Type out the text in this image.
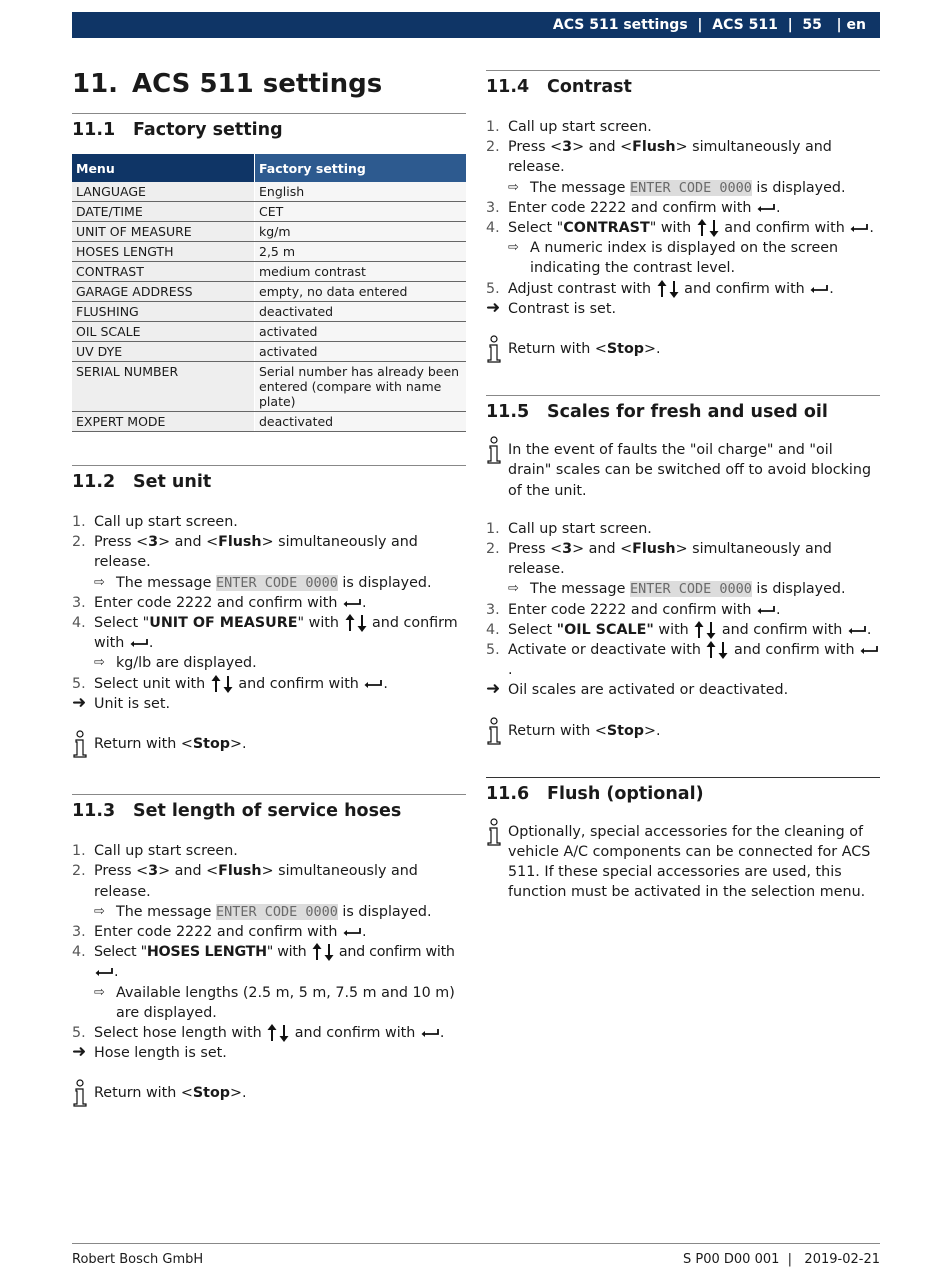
ACS 511 settings  |  ACS 511  |  55   | en
11. ACS 511 settings
11.1	Factory setting
Menu	Factory setting
LANGUAGE	English
DATE/TIME	CET
UNIT OF MEASURE	kg/m
HOSES LENGTH	2,5 m
CONTRAST	medium contrast
GARAGE ADDRESS	empty, no data entered
FLUSHING	deactivated
OIL SCALE	activated
UV DYE	activated
SERIAL NUMBER	Serial number has already been entered (compare with name plate)
EXPERT MODE	deactivated
11.2	Set unit
1. Call up start screen.
2. Press <3> and <Flush> simultaneously and release.
⇨ The message ENTER CODE 0000 is displayed.
3. Enter code 2222 and confirm with .
4. Select "UNIT OF MEASURE" with  and confirm with .
⇨ kg/lb are displayed.
5. Select unit with  and confirm with .
➜ Unit is set.
Return with <Stop>.
11.3	Set length of service hoses
1. Call up start screen.
2. Press <3> and <Flush> simultaneously and release.
⇨ The message ENTER CODE 0000 is displayed.
3. Enter code 2222 and confirm with .
4. Select "HOSES LENGTH" with  and confirm with .
⇨ Available lengths (2.5 m, 5 m, 7.5 m and 10 m) are displayed.
5. Select hose length with  and confirm with .
➜ Hose length is set.
Return with <Stop>.
11.4	Contrast
1. Call up start screen.
2. Press <3> and <Flush> simultaneously and release.
⇨ The message ENTER CODE 0000 is displayed.
3. Enter code 2222 and confirm with .
4. Select "CONTRAST" with  and confirm with .
⇨ A numeric index is displayed on the screen indicating the contrast level.
5. Adjust contrast with  and confirm with .
➜ Contrast is set.
Return with <Stop>.
11.5	Scales for fresh and used oil
In the event of faults the "oil charge" and "oil drain" scales can be switched off to avoid blocking of the unit.
1. Call up start screen.
2. Press <3> and <Flush> simultaneously and release.
⇨ The message ENTER CODE 0000 is displayed.
3. Enter code 2222 and confirm with .
4. Select "OIL SCALE" with  and confirm with .
5. Activate or deactivate with  and confirm with .
➜ Oil scales are activated or deactivated.
Return with <Stop>.
11.6	Flush (optional)
Optionally, special accessories for the cleaning of vehicle A/C components can be connected for ACS 511. If these special accessories are used, this function must be activated in the selection menu.
Robert Bosch GmbH	S P00 D00 001  |   2019-02-21
